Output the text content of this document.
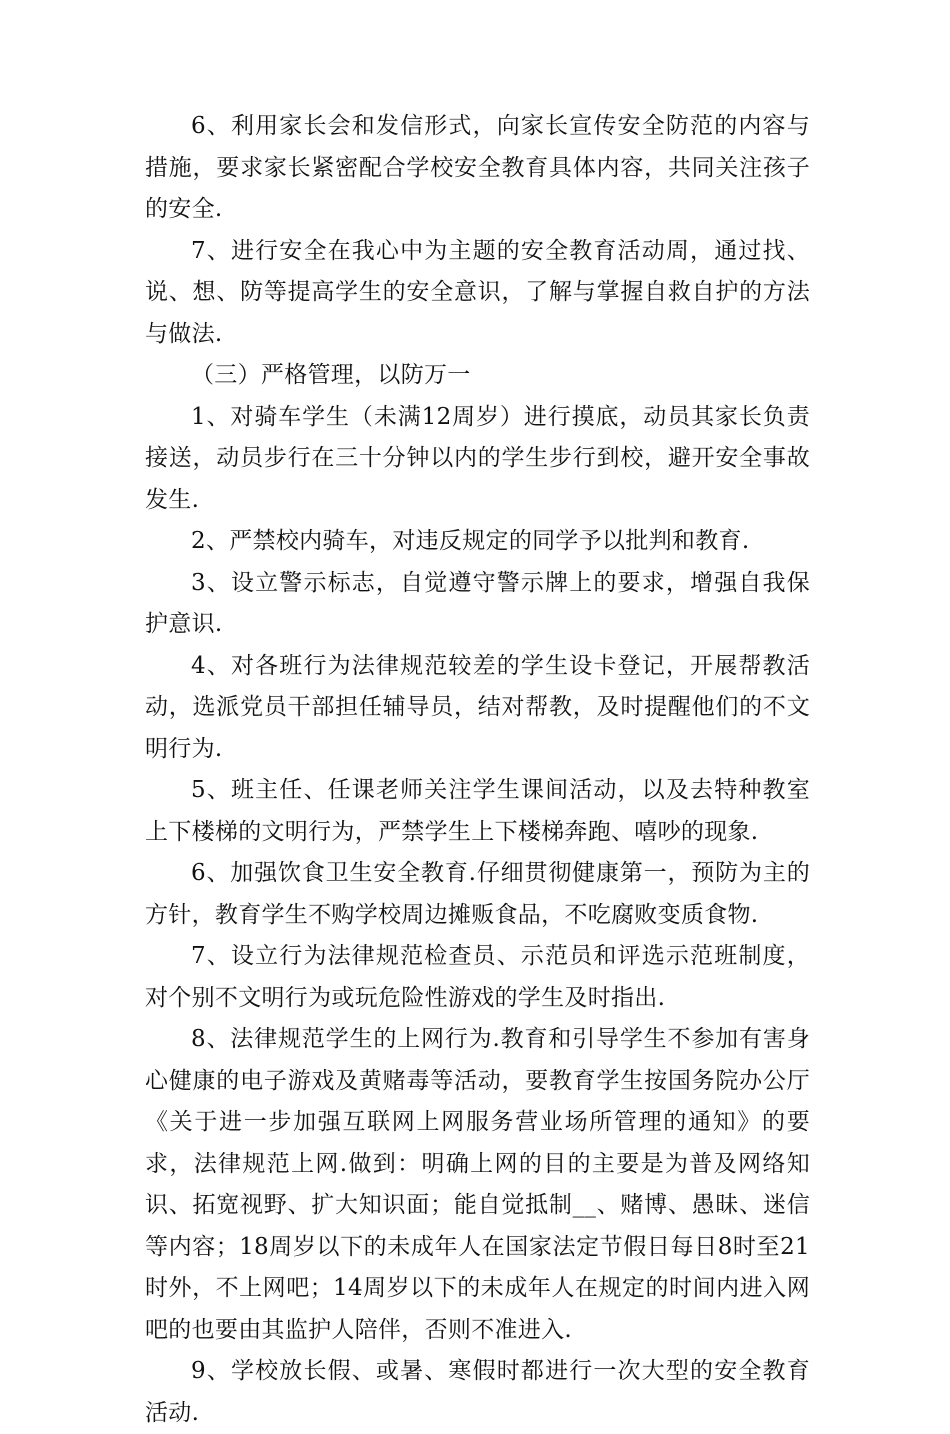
6、利用家长会和发信形式，向家长宣传安全防范的内容与措施，要求家长紧密配合学校安全教育具体内容，共同关注孩子的安全.

7、进行安全在我心中为主题的安全教育活动周，通过找、说、想、防等提高学生的安全意识，了解与掌握自救自护的方法与做法.

（三）严格管理，以防万一

1、对骑车学生（未满12周岁）进行摸底，动员其家长负责接送，动员步行在三十分钟以内的学生步行到校，避开安全事故发生.

2、严禁校内骑车，对违反规定的同学予以批判和教育.

3、设立警示标志，自觉遵守警示牌上的要求，增强自我保护意识.

4、对各班行为法律规范较差的学生设卡登记，开展帮教活动，选派党员干部担任辅导员，结对帮教，及时提醒他们的不文明行为.

5、班主任、任课老师关注学生课间活动，以及去特种教室上下楼梯的文明行为，严禁学生上下楼梯奔跑、嘻吵的现象.

6、加强饮食卫生安全教育.仔细贯彻健康第一，预防为主的方针，教育学生不购学校周边摊贩食品，不吃腐败变质食物.

7、设立行为法律规范检查员、示范员和评选示范班制度，对个别不文明行为或玩危险性游戏的学生及时指出.

8、法律规范学生的上网行为.教育和引导学生不参加有害身心健康的电子游戏及黄赌毒等活动，要教育学生按国务院办公厅《关于进一步加强互联网上网服务营业场所管理的通知》的要求，法律规范上网.做到：明确上网的目的主要是为普及网络知识、拓宽视野、扩大知识面；能自觉抵制__、赌博、愚昧、迷信等内容；18周岁以下的未成年人在国家法定节假日每日8时至21时外，不上网吧；14周岁以下的未成年人在规定的时间内进入网吧的也要由其监护人陪伴，否则不准进入.

9、学校放长假、或暑、寒假时都进行一次大型的安全教育活动.
